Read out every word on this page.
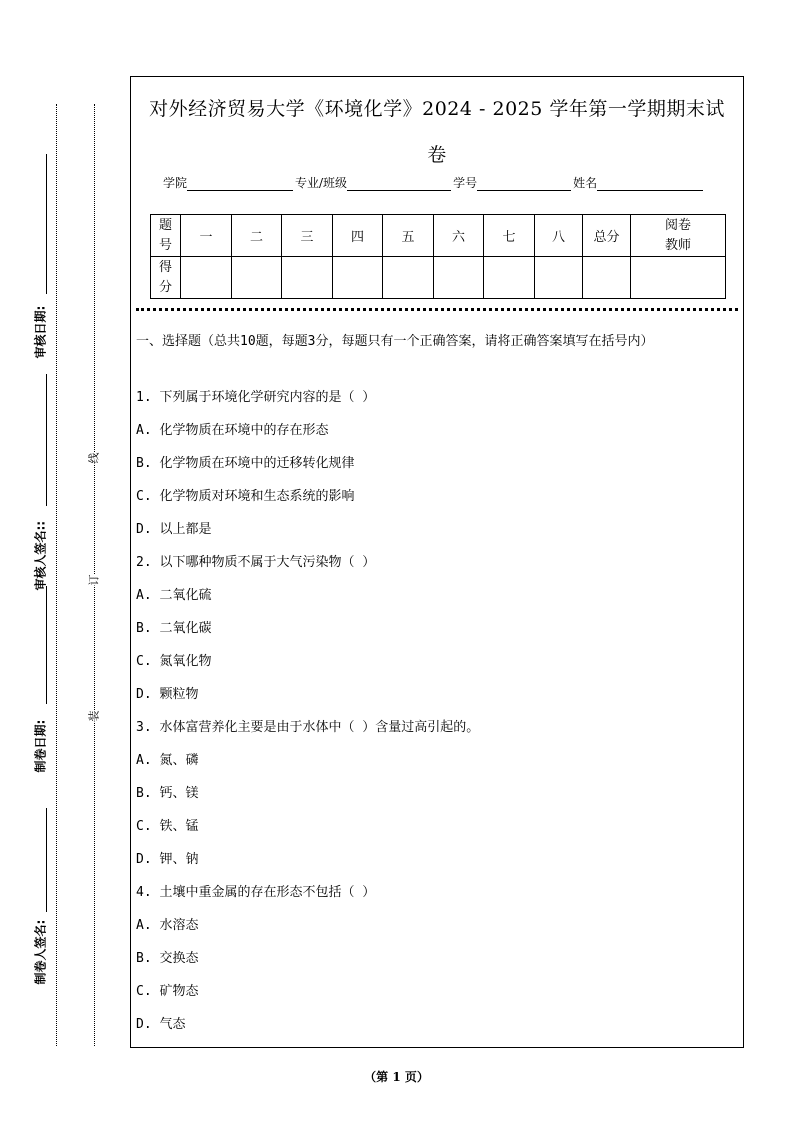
审核日期:
审核人签名::
制卷日期:
制卷人签名:
线
订
装
对外经济贸易大学《环境化学》2024 - 2025 学年第一学期期末试
卷
学院	专业/班级	学号	姓名
题
号	一	二	三	四	五	六	七	八	总分	阅卷
教师
得
分										
一、选择题（总共10题，每题3分，每题只有一个正确答案，请将正确答案填写在括号内）
1. 下列属于环境化学研究内容的是（ ）
A. 化学物质在环境中的存在形态
B. 化学物质在环境中的迁移转化规律
C. 化学物质对环境和生态系统的影响
D. 以上都是
2. 以下哪种物质不属于大气污染物（ ）
A. 二氧化硫
B. 二氧化碳
C. 氮氧化物
D. 颗粒物
3. 水体富营养化主要是由于水体中（ ）含量过高引起的。
A. 氮、磷
B. 钙、镁
C. 铁、锰
D. 钾、钠
4. 土壤中重金属的存在形态不包括（ ）
A. 水溶态
B. 交换态
C. 矿物态
D. 气态
（第 1 页）
